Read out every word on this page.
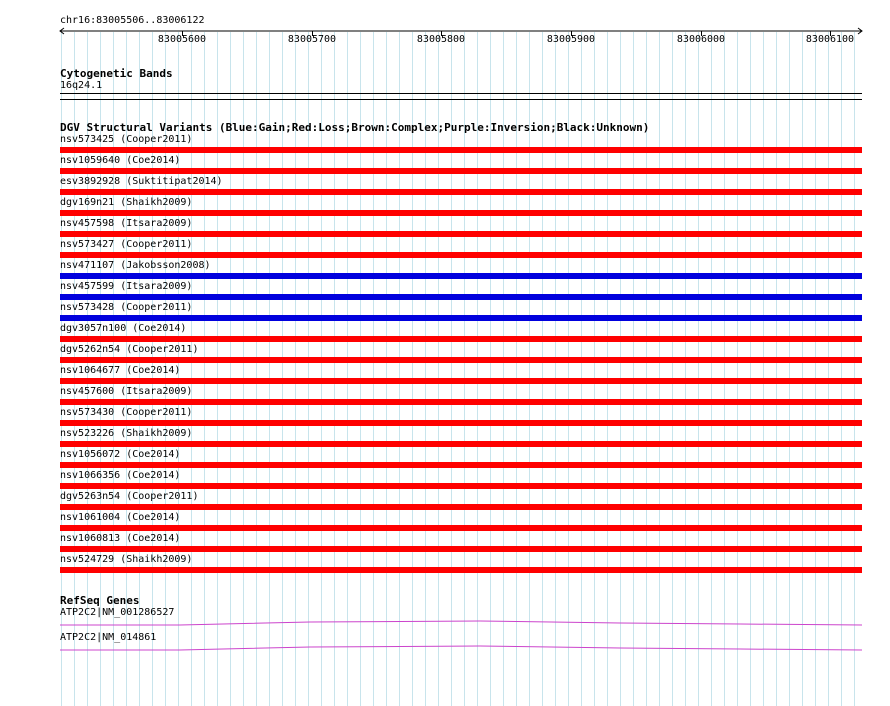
chr16:83005506..83006122
83005600	83005700	83005800	83005900	83006000	83006100
Cytogenetic Bands
16q24.1
DGV Structural Variants (Blue:Gain;Red:Loss;Brown:Complex;Purple:Inversion;Black:Unknown)
nsv573425 (Cooper2011)
nsv1059640 (Coe2014)
esv3892928 (Suktitipat2014)
dgv169n21 (Shaikh2009)
nsv457598 (Itsara2009)
nsv573427 (Cooper2011)
nsv471107 (Jakobsson2008)
nsv457599 (Itsara2009)
nsv573428 (Cooper2011)
dgv3057n100 (Coe2014)
dgv5262n54 (Cooper2011)
nsv1064677 (Coe2014)
nsv457600 (Itsara2009)
nsv573430 (Cooper2011)
nsv523226 (Shaikh2009)
nsv1056072 (Coe2014)
nsv1066356 (Coe2014)
dgv5263n54 (Cooper2011)
nsv1061004 (Coe2014)
nsv1060813 (Coe2014)
nsv524729 (Shaikh2009)
RefSeq Genes
ATP2C2|NM_001286527
ATP2C2|NM_014861
